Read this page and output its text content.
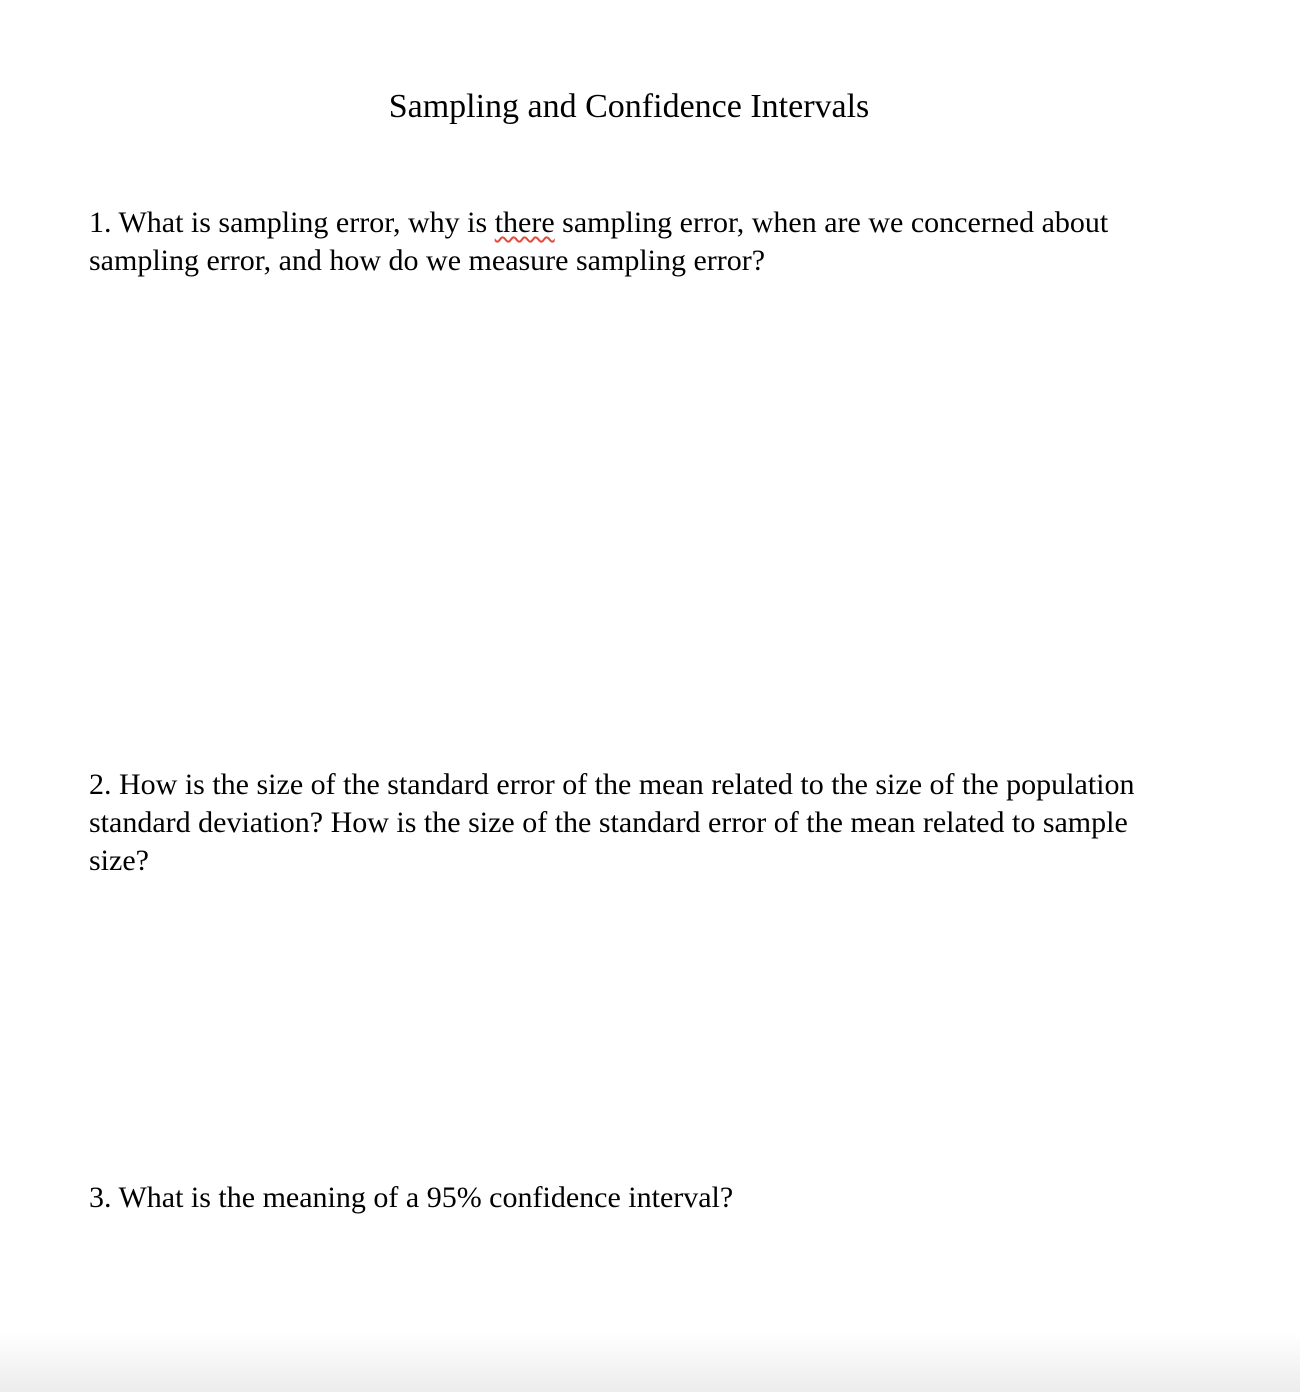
Sampling and Confidence Intervals

1. What is sampling error, why is there sampling error, when are we concerned about sampling error, and how do we measure sampling error?

2. How is the size of the standard error of the mean related to the size of the population standard deviation? How is the size of the standard error of the mean related to sample size?

3. What is the meaning of a 95% confidence interval?
